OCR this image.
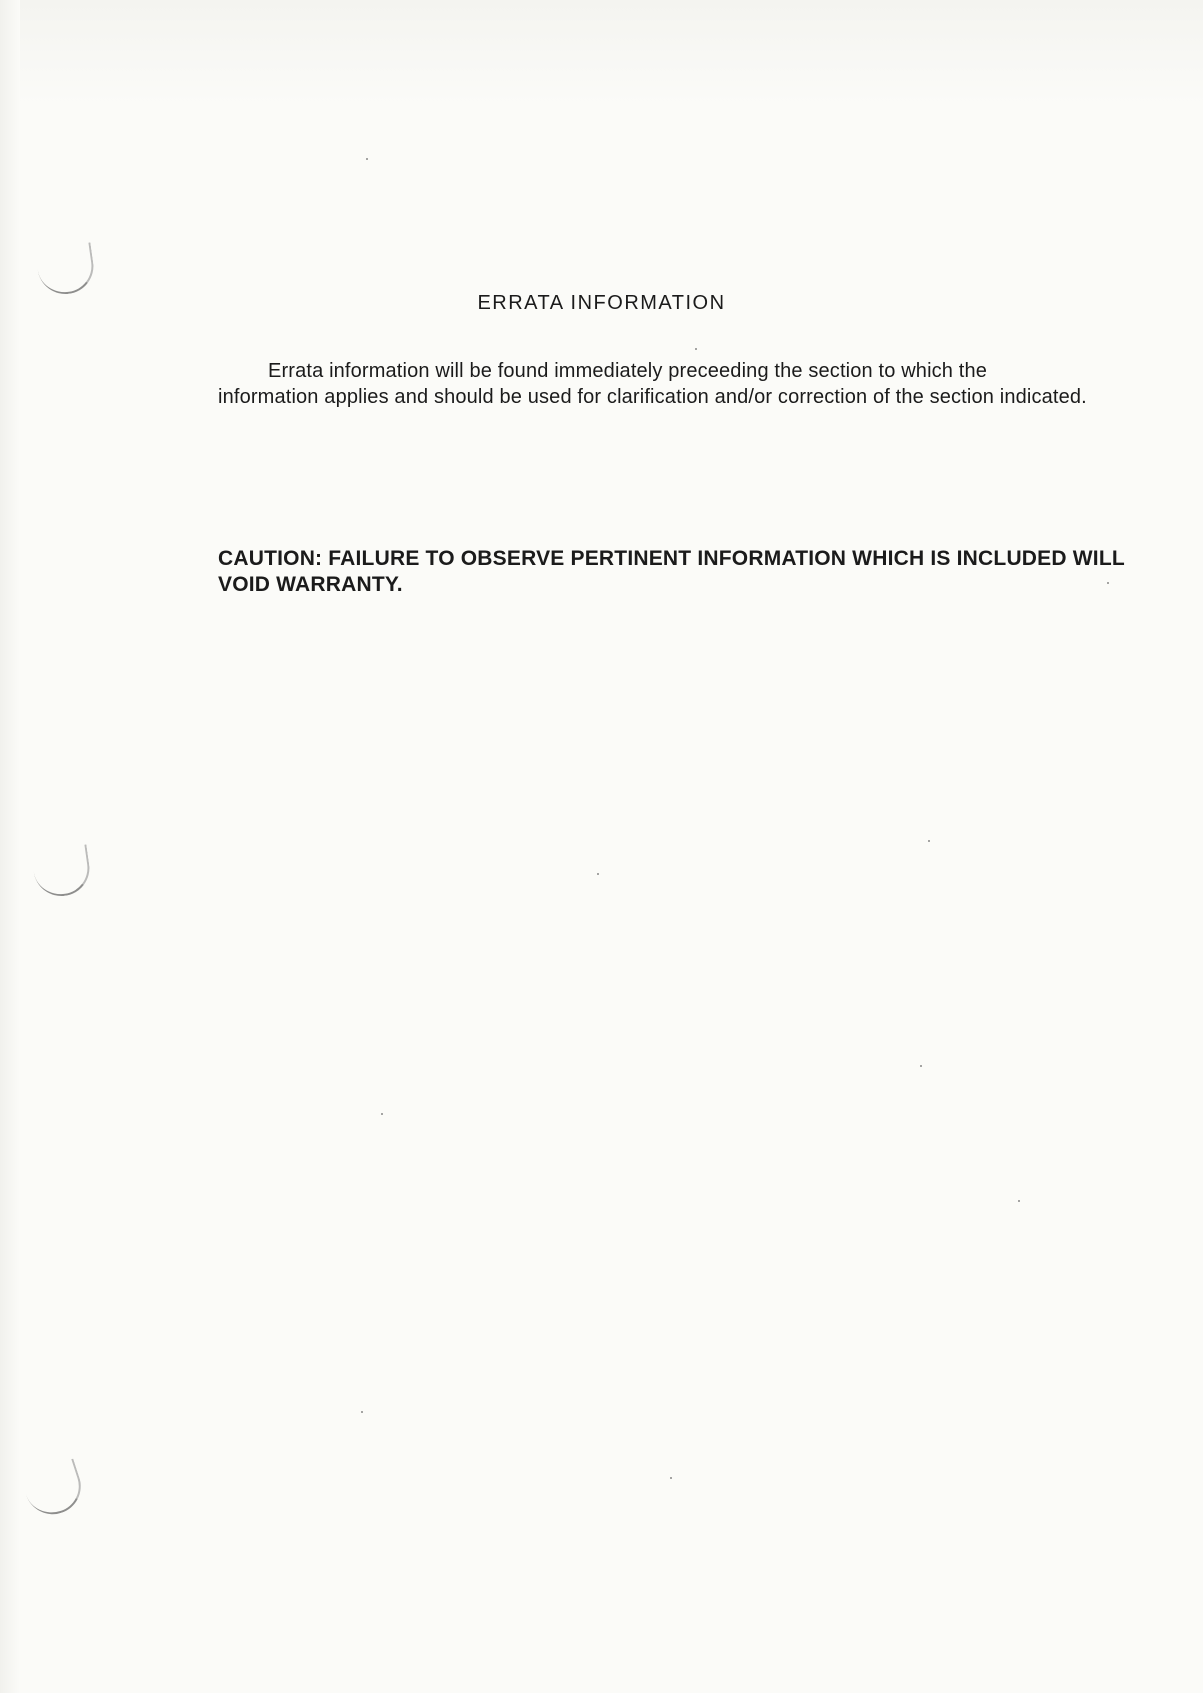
ERRATA INFORMATION

Errata information will be found immediately preceeding the section to which the information applies and should be used for clarification and/or correction of the section indicated.

CAUTION: FAILURE TO OBSERVE PERTINENT INFORMATION WHICH IS INCLUDED WILL VOID WARRANTY.
